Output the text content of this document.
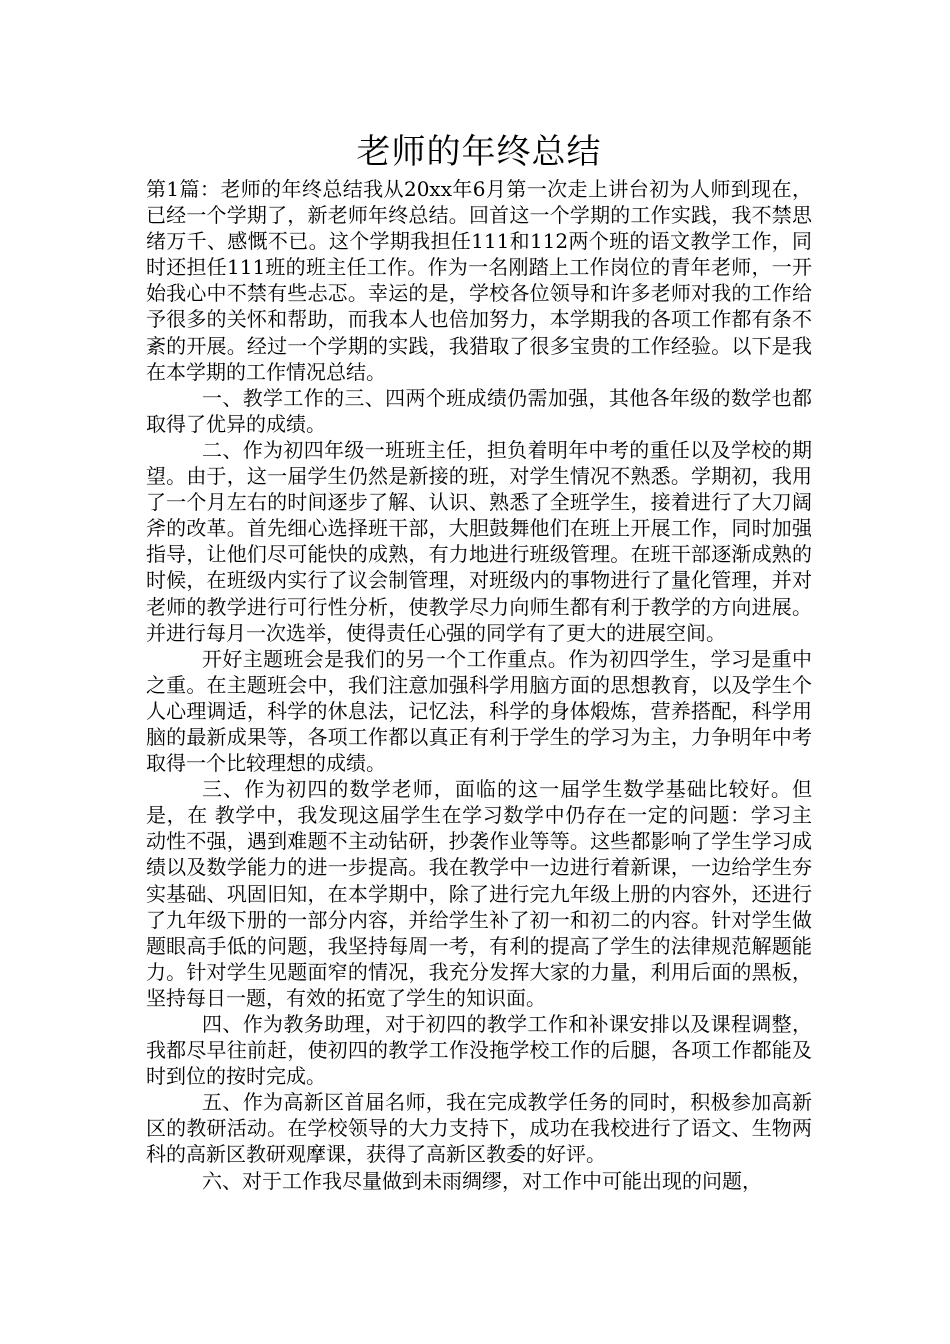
老师的年终总结

第1篇：老师的年终总结我从20xx年6月第一次走上讲台初为人师到现在，已经一个学期了，新老师年终总结。回首这一个学期的工作实践，我不禁思绪万千、感慨不已。这个学期我担任111和112两个班的语文教学工作，同时还担任111班的班主任工作。作为一名刚踏上工作岗位的青年老师，一开始我心中不禁有些忐忑。幸运的是，学校各位领导和许多老师对我的工作给予很多的关怀和帮助，而我本人也倍加努力，本学期我的各项工作都有条不紊的开展。经过一个学期的实践，我猎取了很多宝贵的工作经验。以下是我在本学期的工作情况总结。

一、教学工作的三、四两个班成绩仍需加强，其他各年级的数学也都取得了优异的成绩。

二、作为初四年级一班班主任，担负着明年中考的重任以及学校的期望。由于，这一届学生仍然是新接的班，对学生情况不熟悉。学期初，我用了一个月左右的时间逐步了解、认识、熟悉了全班学生，接着进行了大刀阔斧的改革。首先细心选择班干部，大胆鼓舞他们在班上开展工作，同时加强指导，让他们尽可能快的成熟，有力地进行班级管理。在班干部逐渐成熟的时候，在班级内实行了议会制管理，对班级内的事物进行了量化管理，并对老师的教学进行可行性分析，使教学尽力向师生都有利于教学的方向进展。并进行每月一次选举，使得责任心强的同学有了更大的进展空间。

开好主题班会是我们的另一个工作重点。作为初四学生，学习是重中之重。在主题班会中，我们注意加强科学用脑方面的思想教育，以及学生个人心理调适，科学的休息法，记忆法，科学的身体煅炼，营养搭配，科学用脑的最新成果等，各项工作都以真正有利于学生的学习为主，力争明年中考取得一个比较理想的成绩。

三、作为初四的数学老师，面临的这一届学生数学基础比较好。但是，在 教学中，我发现这届学生在学习数学中仍存在一定的问题：学习主动性不强，遇到难题不主动钻研，抄袭作业等等。这些都影响了学生学习成绩以及数学能力的进一步提高。我在教学中一边进行着新课，一边给学生夯实基础、巩固旧知，在本学期中，除了进行完九年级上册的内容外，还进行了九年级下册的一部分内容，并给学生补了初一和初二的内容。针对学生做题眼高手低的问题，我坚持每周一考，有利的提高了学生的法律规范解题能力。针对学生见题面窄的情况，我充分发挥大家的力量，利用后面的黑板，坚持每日一题，有效的拓宽了学生的知识面。

四、作为教务助理，对于初四的教学工作和补课安排以及课程调整，我都尽早往前赶，使初四的教学工作没拖学校工作的后腿，各项工作都能及时到位的按时完成。

五、作为高新区首届名师，我在完成教学任务的同时，积极参加高新区的教研活动。在学校领导的大力支持下，成功在我校进行了语文、生物两科的高新区教研观摩课，获得了高新区教委的好评。

六、对于工作我尽量做到未雨绸缪，对工作中可能出现的问题，
